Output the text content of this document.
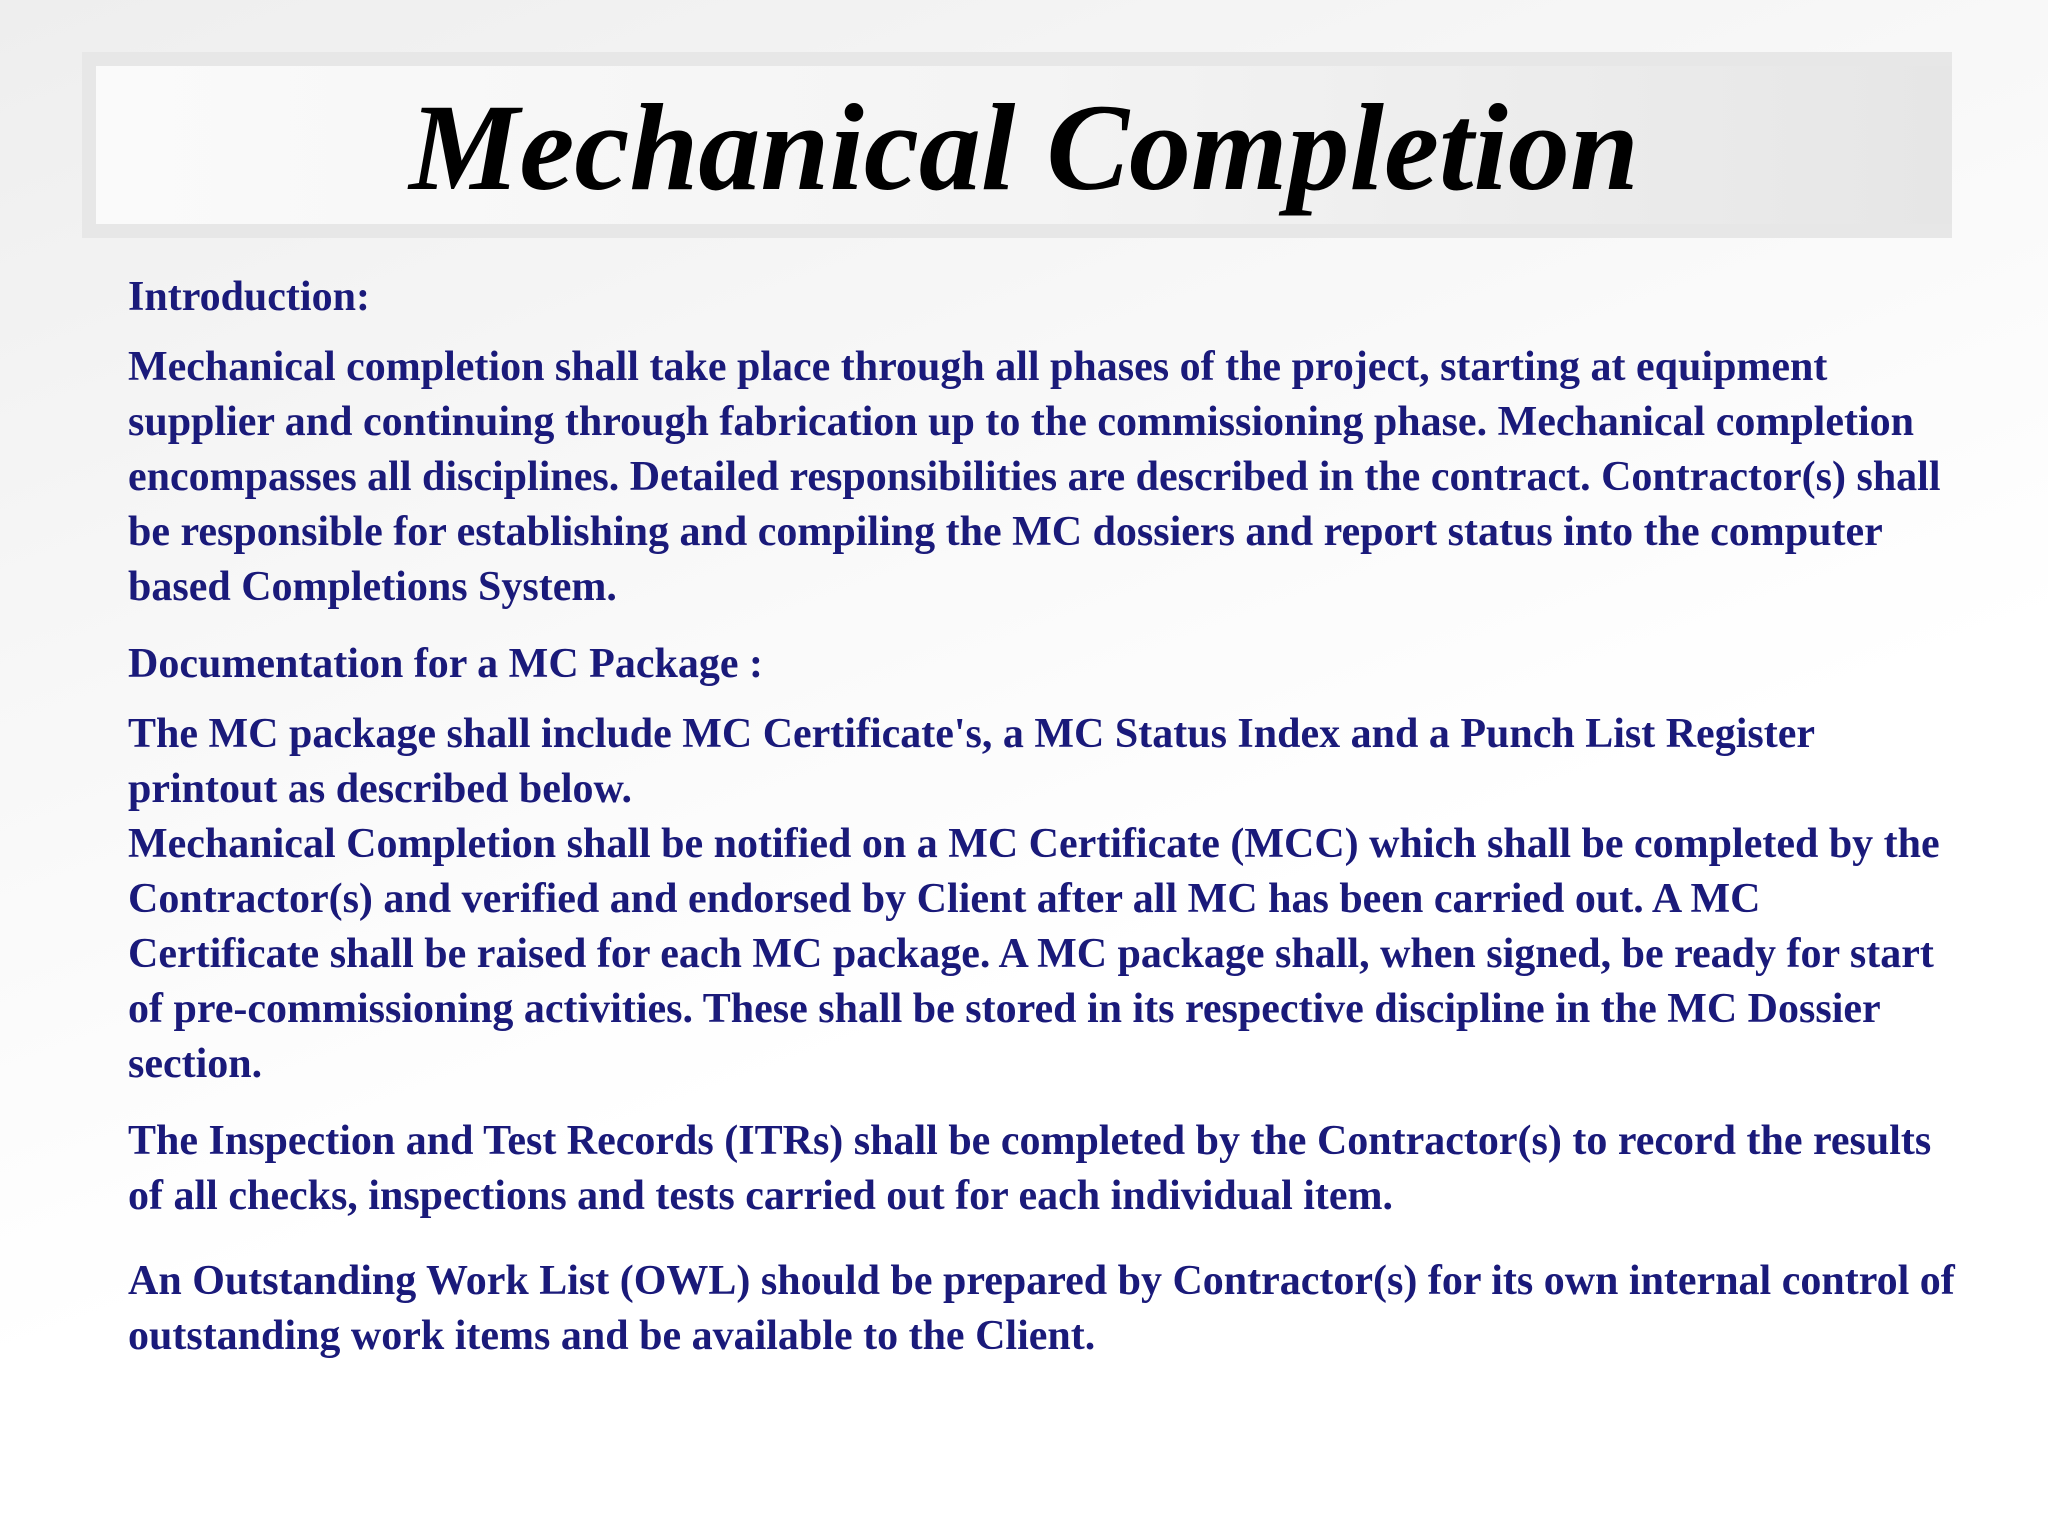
Mechanical Completion

Introduction:

Mechanical completion shall take place through all phases of the project, starting at equipment supplier and continuing through fabrication up to the commissioning phase. Mechanical completion encompasses all disciplines. Detailed responsibilities are described in the contract. Contractor(s) shall be responsible for establishing and compiling the MC dossiers and report status into the computer based Completions System.

Documentation for a MC Package :

The MC package shall include MC Certificate's, a MC Status Index and a Punch List Register printout as described below.

Mechanical Completion shall be notified on a MC Certificate (MCC) which shall be completed by the Contractor(s) and verified and endorsed by Client after all MC has been carried out. A MC Certificate shall be raised for each MC package. A MC package shall, when signed, be ready for start of pre-commissioning activities. These shall be stored in its respective discipline in the MC Dossier section.

The Inspection and Test Records (ITRs) shall be completed by the Contractor(s) to record the results of all checks, inspections and tests carried out for each individual item.

An Outstanding Work List (OWL) should be prepared by Contractor(s) for its own internal control of outstanding work items and be available to the Client.
